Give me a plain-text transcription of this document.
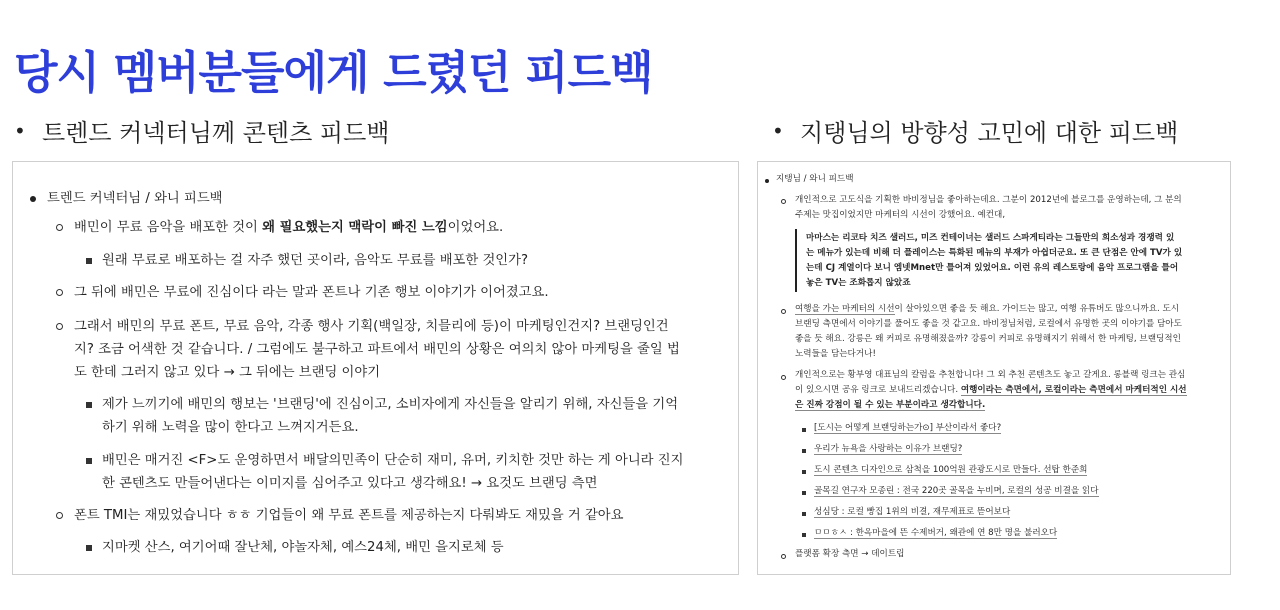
당시 멤버분들에게 드렸던 피드백
• 트렌드 커넥터님께 콘텐츠 피드백	• 지탱님의 방향성 고민에 대한 피드백
트렌드 커넥터님 / 와니 피드백
배민이 무료 음악을 배포한 것이 왜 필요했는지 맥락이 빠진 느낌이었어요.
원래 무료로 배포하는 걸 자주 했던 곳이라, 음악도 무료를 배포한 것인가?
그 뒤에 배민은 무료에 진심이다 라는 말과 폰트나 기존 행보 이야기가 이어졌고요.
그래서 배민의 무료 폰트, 무료 음악, 각종 행사 기획(백일장, 치믈리에 등)이 마케팅인건지? 브랜딩인건
지? 조금 어색한 것 같습니다. / 그럼에도 불구하고 파트에서 배민의 상황은 여의치 않아 마케팅을 줄일 법
도 한데 그러지 않고 있다 → 그 뒤에는 브랜딩 이야기
제가 느끼기에 배민의 행보는 '브랜딩'에 진심이고, 소비자에게 자신들을 알리기 위해, 자신들을 기억
하기 위해 노력을 많이 한다고 느껴지거든요.
배민은 매거진 <F>도 운영하면서 배달의민족이 단순히 재미, 유머, 키치한 것만 하는 게 아니라 진지
한 콘텐츠도 만들어낸다는 이미지를 심어주고 있다고 생각해요! → 요것도 브랜딩 측면
폰트 TMI는 재밌었습니다 ㅎㅎ 기업들이 왜 무료 폰트를 제공하는지 다뤄봐도 재밌을 거 같아요
지마켓 산스, 여기어때 잘난체, 야놀자체, 예스24체, 배민 을지로체 등
지탱님 / 와니 피드백
개인적으로 고도식을 기획한 바비정님을 좋아하는데요. 그분이 2012년에 블로그를 운영하는데, 그 분의
주제는 맛집이었지만 마케터의 시선이 강했어요. 예컨대,
마마스는 리코타 치즈 샐러드, 미즈 컨테이너는 샐러드 스파게티라는 그들만의 희소성과 경쟁력 있
는 메뉴가 있는데 비해 더 플레이스는 특화된 메뉴의 부재가 아쉽더군요. 또 큰 단점은 안에 TV가 있
는데 CJ 계열이다 보니 엠넷Mnet만 틀어져 있었어요. 이런 유의 레스토랑에 음악 프로그램을 틀어
놓은 TV는 조화롭지 않았죠
여행을 가는 마케터의 시선이 살아있으면 좋을 듯 해요. 가이드는 많고, 여행 유튜버도 많으니까요. 도시
브랜딩 측면에서 이야기를 풀어도 좋을 것 같고요. 바비정님처럼, 로컬에서 유명한 곳의 이야기를 담아도
좋을 듯 해요. 강릉은 왜 커피로 유명해졌을까? 강릉이 커피로 유명해지기 위해서 한 마케팅, 브랜딩적인
노력들을 담는다거나!
개인적으로는 황부영 대표님의 칼럼을 추천합니다! 그 외 추천 콘텐츠도 놓고 갈게요. 롱블랙 링크는 관심
이 있으시면 공유 링크로 보내드리겠습니다. 여행이라는 측면에서, 로컬이라는 측면에서 마케터적인 시선
은 진짜 강점이 될 수 있는 부분이라고 생각합니다.
[도시는 어떻게 브랜딩하는가⊙] 부산이라서 좋다?
우리가 뉴욕을 사랑하는 이유가 브랜딩?
도시 콘텐츠 디자인으로 삼척을 100억원 관광도시로 만들다. 선탑 한준희
골목길 연구자 모종린 : 전국 220곳 골목을 누비며, 로컬의 성공 비결을 읽다
성심당 : 로컬 빵집 1위의 비결, 재무제표로 뜯어보다
ㅁㅁㅎㅅ : 한옥마을에 뜬 수제버거, 왜관에 연 8만 명을 불러오다
플랫폼 확장 측면 → 데이트립
